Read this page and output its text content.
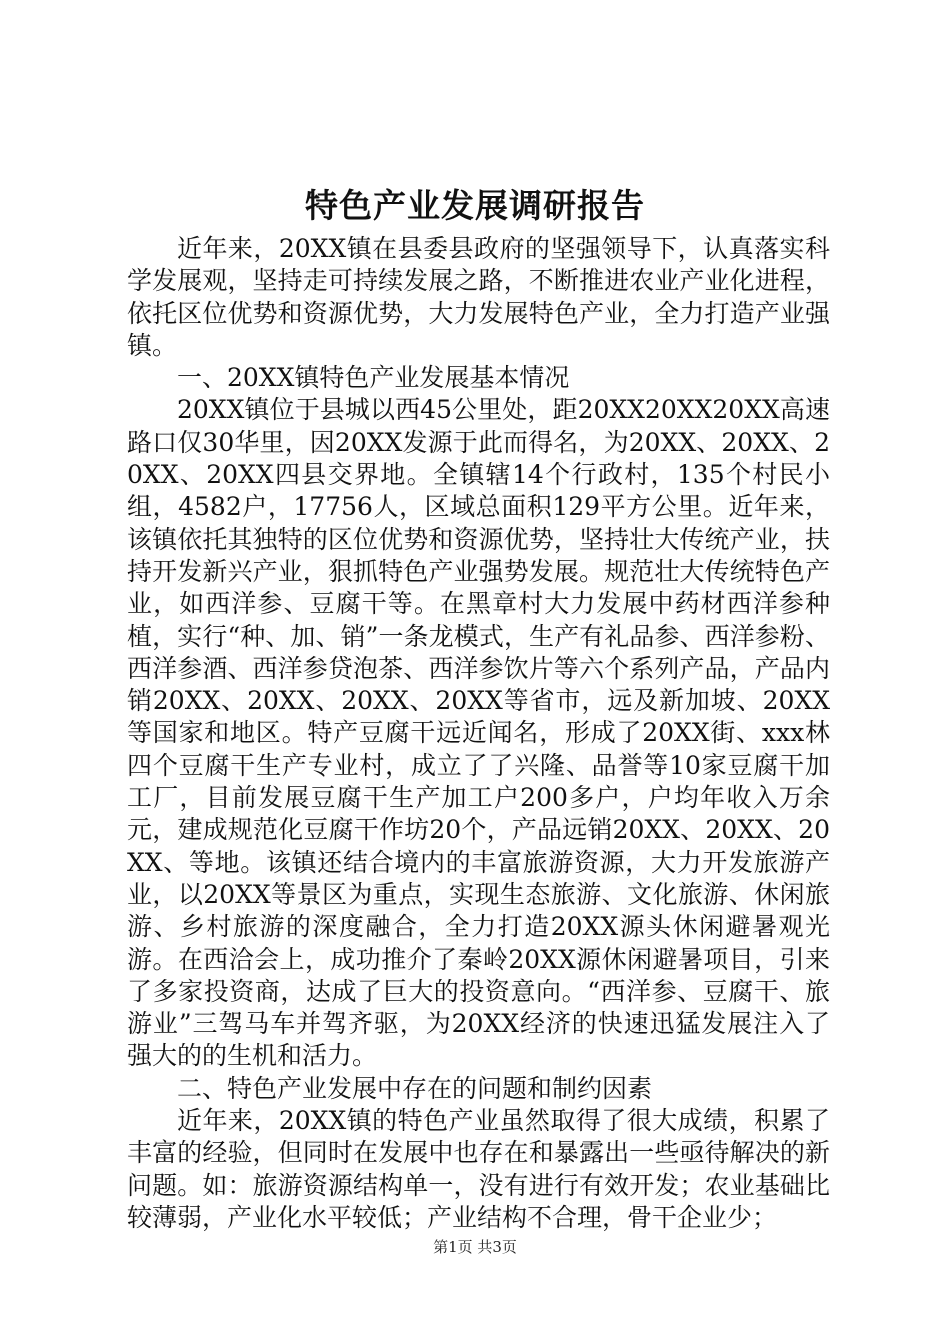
特色产业发展调研报告

近年来，20XX镇在县委县政府的坚强领导下，认真落实科学发展观，坚持走可持续发展之路，不断推进农业产业化进程，依托区位优势和资源优势，大力发展特色产业，全力打造产业强镇。

一、20XX镇特色产业发展基本情况

20XX镇位于县城以西45公里处，距20XX20XX20XX高速路口仅30华里，因20XX发源于此而得名，为20XX、20XX、20XX、20XX四县交界地。全镇辖14个行政村，135个村民小组，4582户，17756人，区域总面积129平方公里。近年来，该镇依托其独特的区位优势和资源优势，坚持壮大传统产业，扶持开发新兴产业，狠抓特色产业强势发展。规范壮大传统特色产业，如西洋参、豆腐干等。在黑章村大力发展中药材西洋参种植，实行“种、加、销”一条龙模式，生产有礼品参、西洋参粉、西洋参酒、西洋参贷泡茶、西洋参饮片等六个系列产品，产品内销20XX、20XX、20XX、20XX等省市，远及新加坡、20XX等国家和地区。特产豆腐干远近闻名，形成了20XX街、xxx林四个豆腐干生产专业村，成立了了兴隆、品誉等10家豆腐干加工厂，目前发展豆腐干生产加工户200多户，户均年收入万余元，建成规范化豆腐干作坊20个，产品远销20XX、20XX、20XX、等地。该镇还结合境内的丰富旅游资源，大力开发旅游产业，以20XX等景区为重点，实现生态旅游、文化旅游、休闲旅游、乡村旅游的深度融合，全力打造20XX源头休闲避暑观光游。在西洽会上，成功推介了秦岭20XX源休闲避暑项目，引来了多家投资商，达成了巨大的投资意向。“西洋参、豆腐干、旅游业”三驾马车并驾齐驱，为20XX经济的快速迅猛发展注入了强大的的生机和活力。

二、特色产业发展中存在的问题和制约因素

近年来，20XX镇的特色产业虽然取得了很大成绩，积累了丰富的经验，但同时在发展中也存在和暴露出一些亟待解决的新问题。如：旅游资源结构单一，没有进行有效开发；农业基础比较薄弱，产业化水平较低；产业结构不合理，骨干企业少；

第1页 共3页
